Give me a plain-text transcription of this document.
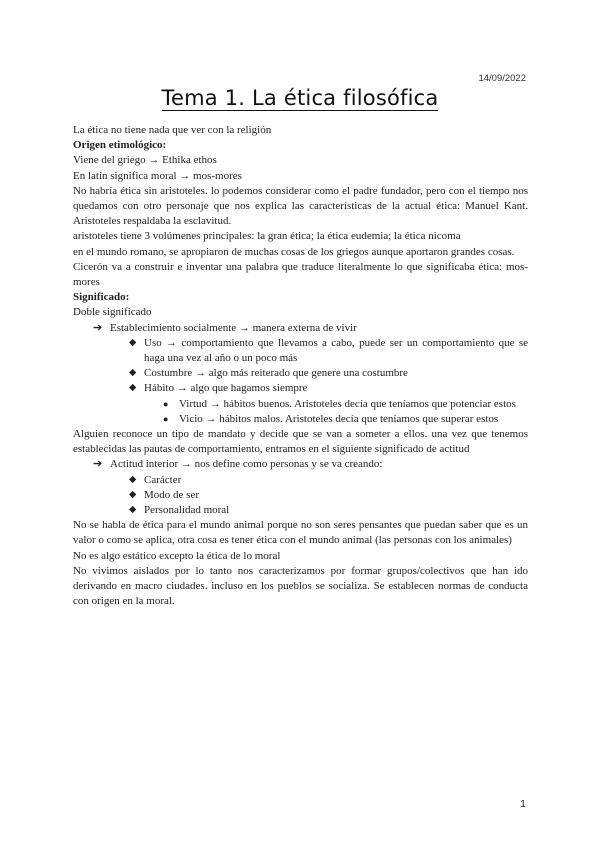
14/09/2022
Tema 1. La ética filosófica

La ética no tiene nada que ver con la religión

Origen etimológico:

Viene del griego → Ethika ethos

En latín significa moral → mos-mores

No habría ética sin aristoteles. lo podemos considerar como el padre fundador, pero con el tiempo nos quedamos con otro personaje que nos explica las características de la actual ética: Manuel Kant. Aristoteles respaldaba la esclavitud.

aristoteles tiene 3 volúmenes principales: la gran ética; la ética eudemia; la ética nicoma

en el mundo romano, se apropiaron de muchas cosas de los griegos aunque aportaron grandes cosas.

Cicerón va a construir e inventar una palabra que traduce literalmente lo que significaba ética: mos-mores

Significado:

Doble significado

➔ Establecimiento socialmente → manera externa de vivir
◆ Uso → comportamiento que llevamos a cabo, puede ser un comportamiento que se haga una vez al año o un poco más
◆ Costumbre → algo más reiterado que genere una costumbre
◆ Hábito → algo que hagamos siempre
● Virtud → hábitos buenos. Aristoteles decía que teníamos que potenciar estos
● Vicio → hábitos malos. Aristoteles decía que teníamos que superar estos

Alguien reconoce un tipo de mandato y decide que se van a someter a ellos. una vez que tenemos establecidas las pautas de comportamiento, entramos en el siguiente significado de actitud

➔ Actitud interior → nos define como personas y se va creando:
◆ Carácter
◆ Modo de ser
◆ Personalidad moral

No se habla de ética para el mundo animal porque no son seres pensantes que puedan saber que es un valor o como se aplica, otra cosa es tener ética con el mundo animal (las personas con los animales)

No es algo estático excepto la ética de lo moral

No vivimos aislados por lo tanto nos caracterizamos por formar grupos/colectivos que han ido derivando en macro ciudades. incluso en los pueblos se socializa. Se establecen normas de conducta con origen en la moral.

1
